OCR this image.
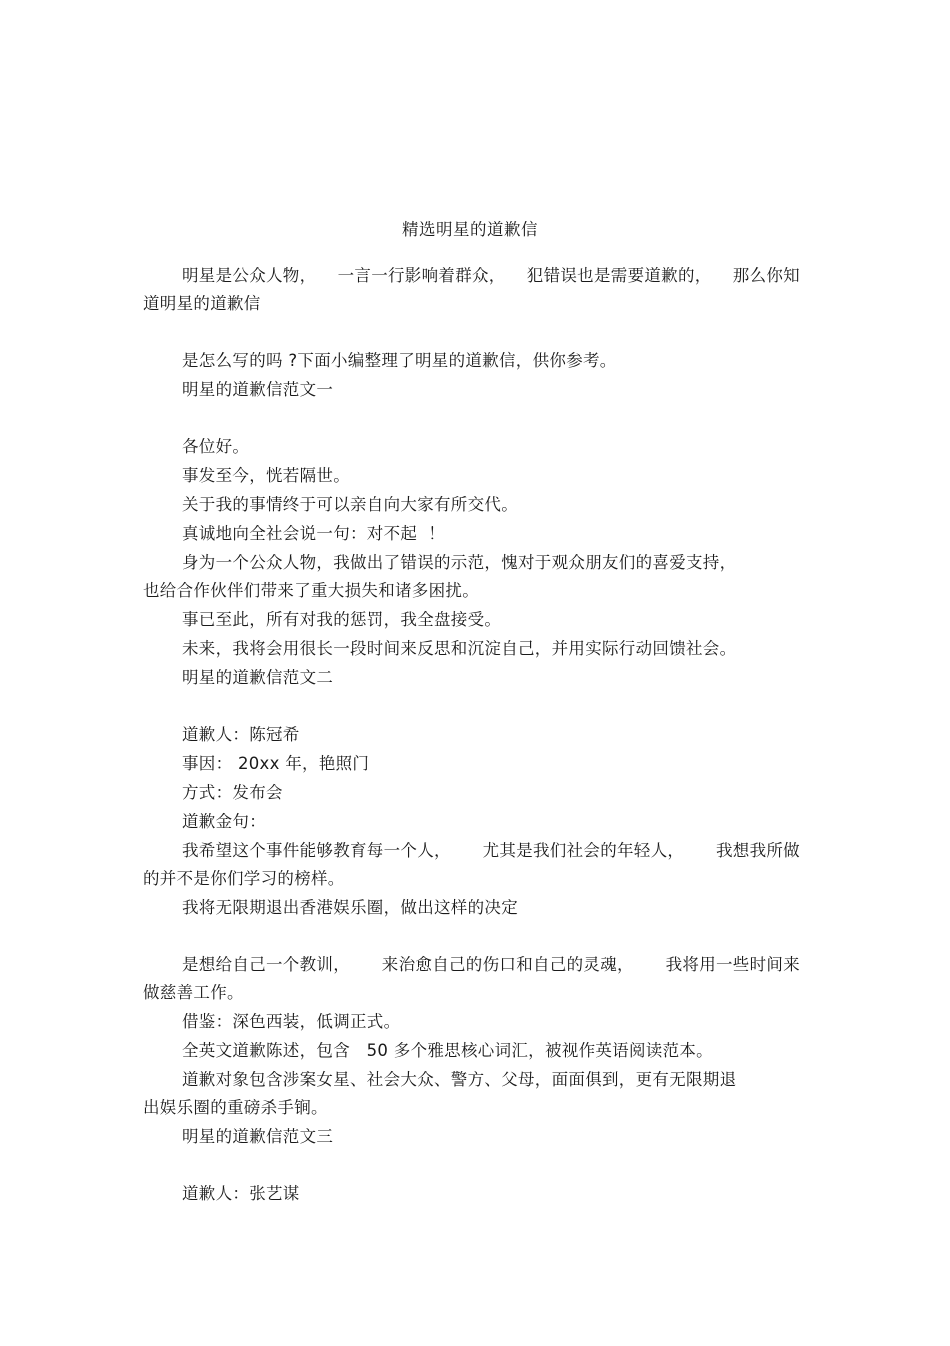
精选明星的道歉信
明星是公众人物， 一言一行影响着群众， 犯错误也是需要道歉的， 那么你知
道明星的道歉信
是怎么写的吗 ?下面小编整理了明星的道歉信，供你参考。
明星的道歉信范文一
各位好。
事发至今，恍若隔世。
关于我的事情终于可以亲自向大家有所交代。
真诚地向全社会说一句：对不起  ！
身为一个公众人物，我做出了错误的示范，愧对于观众朋友们的喜爱支持，
也给合作伙伴们带来了重大损失和诸多困扰。
事已至此，所有对我的惩罚，我全盘接受。
未来，我将会用很长一段时间来反思和沉淀自己，并用实际行动回馈社会。
明星的道歉信范文二
道歉人：陈冠希
事因： 20xx 年，艳照门
方式：发布会
道歉金句：
我希望这个事件能够教育每一个人， 尤其是我们社会的年轻人， 我想我所做
的并不是你们学习的榜样。
我将无限期退出香港娱乐圈，做出这样的决定
是想给自己一个教训， 来治愈自己的伤口和自己的灵魂， 我将用一些时间来
做慈善工作。
借鉴：深色西装，低调正式。
全英文道歉陈述，包含   50 多个雅思核心词汇，被视作英语阅读范本。
道歉对象包含涉案女星、社会大众、警方、父母，面面俱到，更有无限期退
出娱乐圈的重磅杀手锏。
明星的道歉信范文三
道歉人：张艺谋
